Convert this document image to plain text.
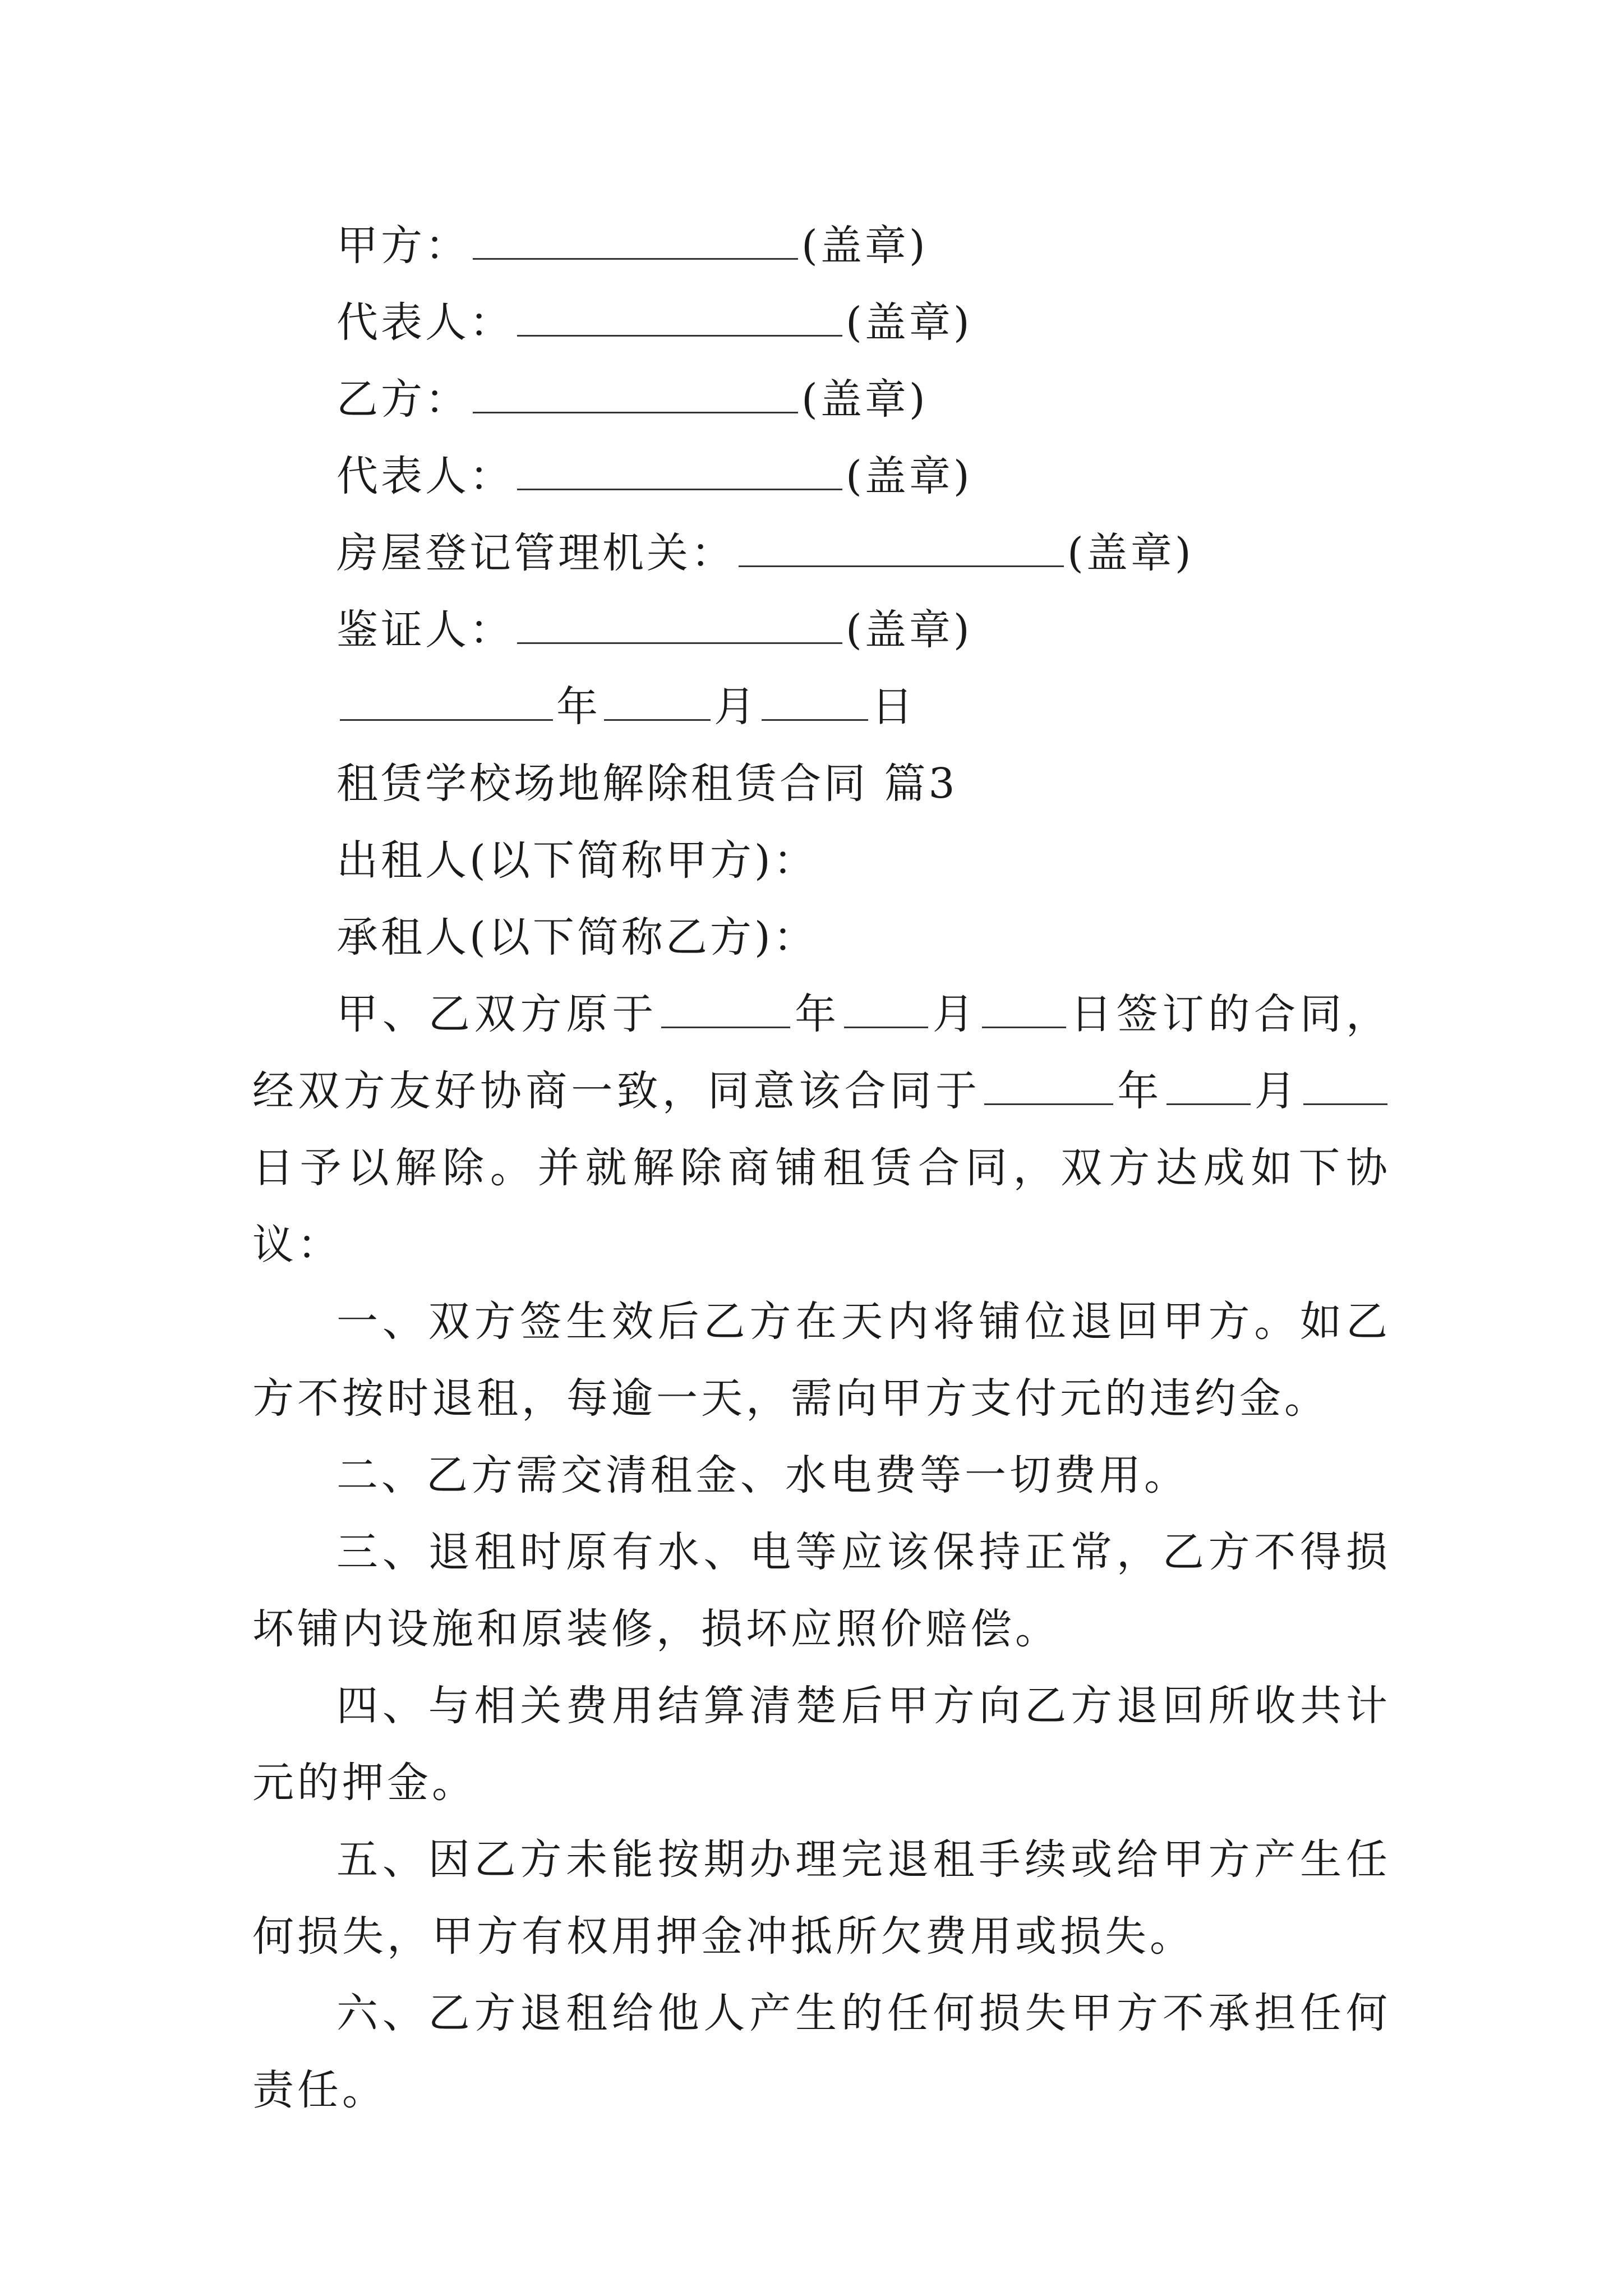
甲方：	(盖章)
代表人：	(盖章)
乙方：	(盖章)
代表人：	(盖章)
房屋登记管理机关：	(盖章)
鉴证人：	(盖章)
年	月	日
租赁学校场地解除租赁合同 篇3
出租人(以下简称甲方)：
承租人(以下简称乙方)：

甲、乙双方原于	年 月 日签订的合同，经双方友好协商一致，同意该合同于	年 月日予以解除。并就解除商铺租赁合同，双方达成如下协议：

一、双方签生效后乙方在天内将铺位退回甲方。如乙方不按时退租，每逾一天，需向甲方支付元的违约金。

二、乙方需交清租金、水电费等一切费用。

三、退租时原有水、电等应该保持正常，乙方不得损坏铺内设施和原装修，损坏应照价赔偿。

四、与相关费用结算清楚后甲方向乙方退回所收共计元的押金。

五、因乙方未能按期办理完退租手续或给甲方产生任何损失，甲方有权用押金冲抵所欠费用或损失。

六、乙方退租给他人产生的任何损失甲方不承担任何责任。
